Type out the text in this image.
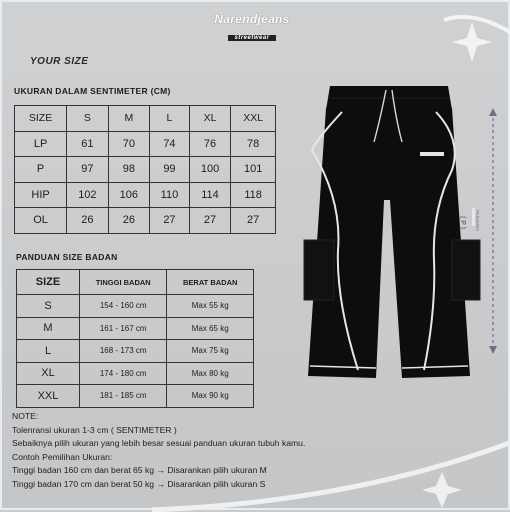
Narendjeans
streetwear
YOUR SIZE
UKURAN DALAM SENTIMETER (CM)
SIZE	S	M	L	XL	XXL
LP	61	70	74	76	78
P	97	98	99	100	101
HIP	102	106	110	114	118
OL	26	26	27	27	27
PANDUAN SIZE BADAN
SIZE	TINGGI BADAN	BERAT BADAN
S	154 - 160 cm	Max 55 kg
M	161 - 167 cm	Max 65 kg
L	168 - 173 cm	Max 75 kg
XL	174 - 180 cm	Max 80 kg
XXL	181 - 185 cm	Max 90 kg
NOTE:
Tolenransi ukuran 1-3 cm ( SENTIMETER )
Sebaiknya pilih ukuran yang lebih besar sesuai panduan ukuran tubuh kamu.
Contoh Pemilihan Ukuran:
Tinggi badan 160 cm dan berat 65 kg → Disarankan pilih ukuran M
Tinggi badan 170 cm dan berat 50 kg → Disarankan pilih ukuran S
( P ) PANJANG
